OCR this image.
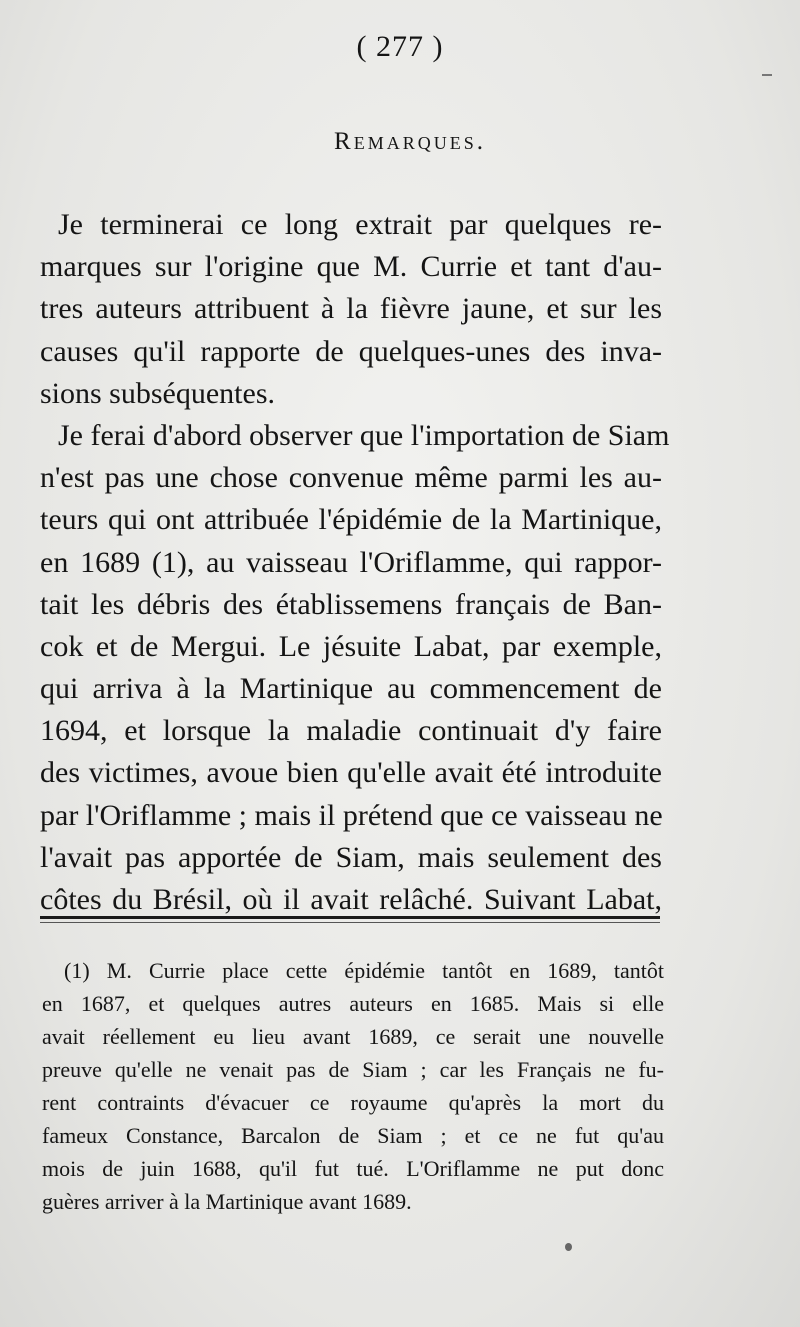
( 277 )
Remarques.
Je terminerai ce long extrait par quelques re-
marques sur l'origine que M. Currie et tant d'au-
tres auteurs attribuent à la fièvre jaune, et sur les
causes qu'il rapporte de quelques-unes des inva-
sions subséquentes.
Je ferai d'abord observer que l'importation de Siam
n'est pas une chose convenue même parmi les au-
teurs qui ont attribuée l'épidémie de la Martinique,
en 1689 (1), au vaisseau l'Oriflamme, qui rappor-
tait les débris des établissemens français de Ban-
cok et de Mergui. Le jésuite Labat, par exemple,
qui arriva à la Martinique au commencement de
1694, et lorsque la maladie continuait d'y faire
des victimes, avoue bien qu'elle avait été introduite
par l'Oriflamme ; mais il prétend que ce vaisseau ne
l'avait pas apportée de Siam, mais seulement des
côtes du Brésil, où il avait relâché. Suivant Labat,
(1) M. Currie place cette épidémie tantôt en 1689, tantôt
en 1687, et quelques autres auteurs en 1685. Mais si elle
avait réellement eu lieu avant 1689, ce serait une nouvelle
preuve qu'elle ne venait pas de Siam ; car les Français ne fu-
rent contraints d'évacuer ce royaume qu'après la mort du
fameux Constance, Barcalon de Siam ; et ce ne fut qu'au
mois de juin 1688, qu'il fut tué. L'Oriflamme ne put donc
guères arriver à la Martinique avant 1689.
